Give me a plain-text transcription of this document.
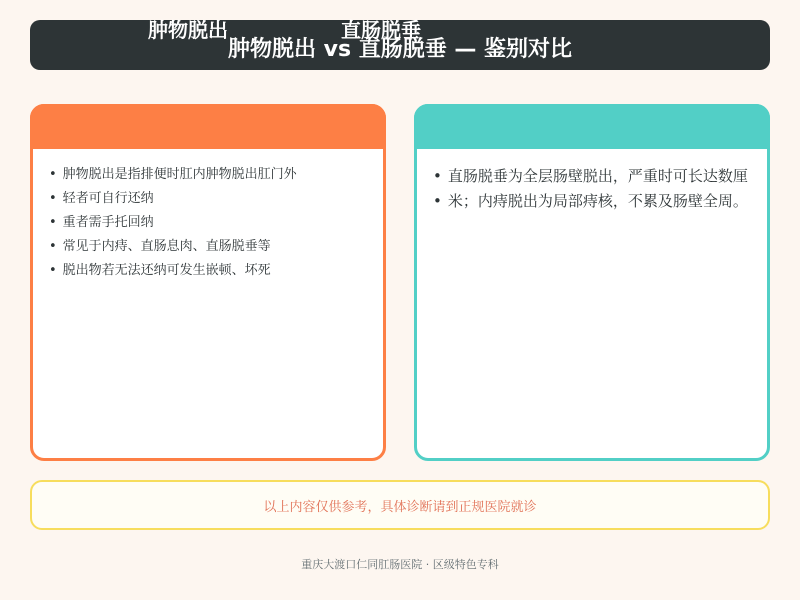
肿物脱出 vs 直肠脱垂 — 鉴别对比
肿物脱出	直肠脱垂
• 肿物脱出是指排便时肛内肿物脱出肛门外
• 轻者可自行还纳
• 重者需手托回纳
• 常见于内痔、直肠息肉、直肠脱垂等
• 脱出物若无法还纳可发生嵌顿、坏死
• 直肠脱垂为全层肠壁脱出，严重时可长达数厘
• 米；内痔脱出为局部痔核，不累及肠壁全周。
以上内容仅供参考，具体诊断请到正规医院就诊
重庆大渡口仁同肛肠医院 · 区级特色专科
